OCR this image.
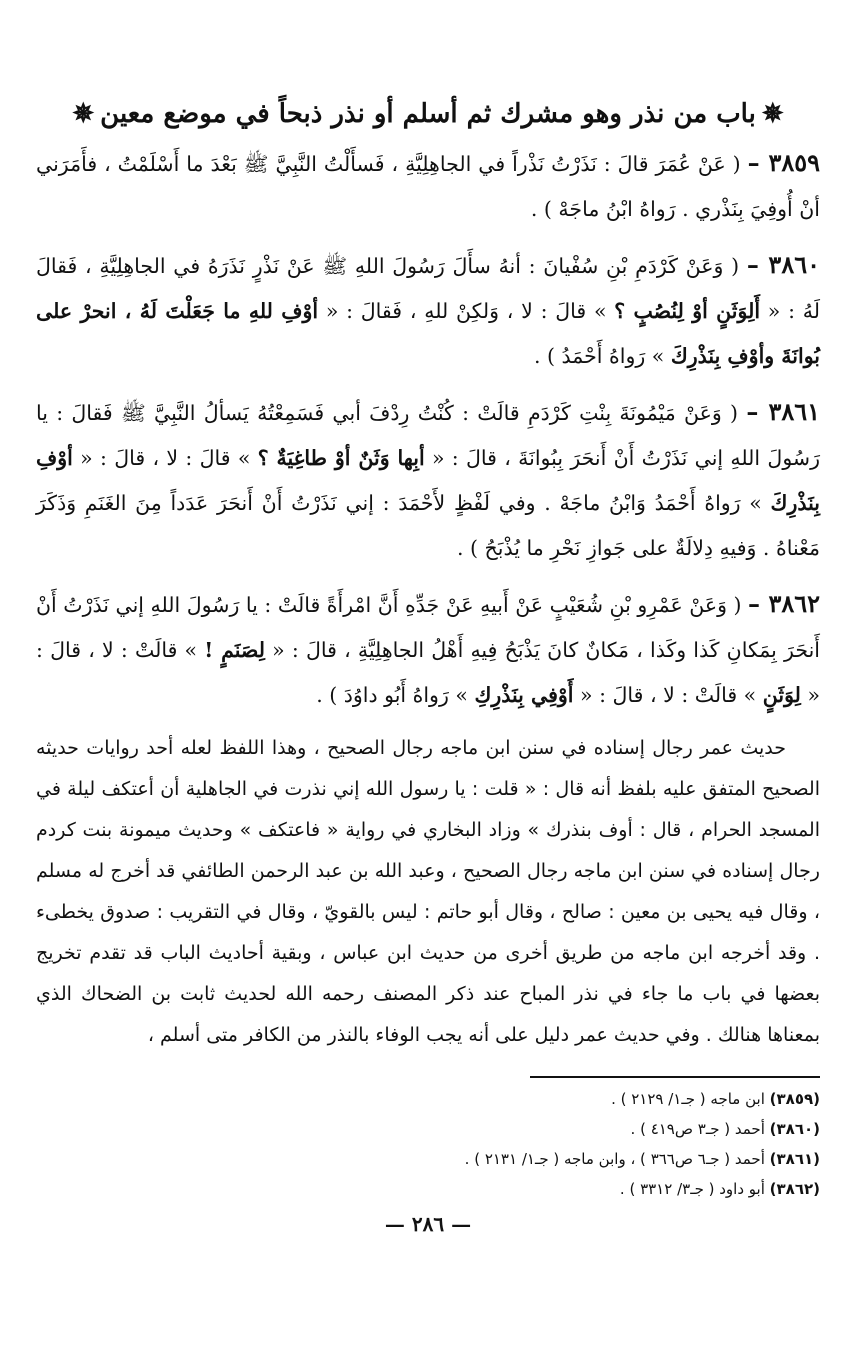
✵باب من نذر وهو مشرك ثم أسلم أو نذر ذبحاً في موضع معين✵

٣٨٥٩ – ( عَنْ عُمَرَ قالَ : نَذَرْتُ نَذْراً في الجاهِلِيَّةِ ، فَسأَلْتُ النَّبِيَّ ﷺ بَعْدَ ما أَسْلَمْتُ ، فأَمَرَني أنْ أُوفِيَ بِنَذْري . رَواهُ ابْنُ ماجَهْ ) .

٣٨٦٠ – ( وَعَنْ كَرْدَمِ بْنِ سُفْيانَ : أنهُ سأَلَ رَسُولَ اللهِ ﷺ عَنْ نَذْرٍ نَذَرَهُ في الجاهِلِيَّةِ ، فَقالَ لَهُ : « أَلِوَثَنٍ أوْ لِنُصُبٍ ؟ » قالَ : لا ، وَلكِنْ للهِ ، فَقالَ : « أوْفِ للهِ ما جَعَلْتَ لَهُ ، انحرْ على بُوانَةَ وأوْفِ بِنَذْرِكَ » رَواهُ أَحْمَدُ ) .

٣٨٦١ – ( وَعَنْ مَيْمُونَةَ بِنْتِ كَرْدَمِ قالَتْ : كُنْتُ رِدْفَ أبي فَسَمِعْتُهُ يَسألُ النَّبِيَّ ﷺ فَقالَ : يا رَسُولَ اللهِ إني نَذَرْتُ أَنْ أَنحَرَ بِبُوانَةَ ، قالَ : « أبِها وَثَنٌ أوْ طاغِيَةٌ ؟ » قالَ : لا ، قالَ : « أوْفِ بِنَذْرِكَ » رَواهُ أَحْمَدُ وَابْنُ ماجَهْ . وفي لَفْظٍ لأَحْمَدَ : إني نَذَرْتُ أَنْ أَنحَرَ عَدَداً مِنَ الغَنَمِ وَذَكَرَ مَعْناهُ . وَفيهِ دِلالَةٌ على جَوازِ نَحْرِ ما يُذْبَحُ ) .

٣٨٦٢ – ( وَعَنْ عَمْرِو بْنِ شُعَيْبٍ عَنْ أَبيهِ عَنْ جَدِّهِ أَنَّ امْرأَةً قالَتْ : يا رَسُولَ اللهِ إني نَذَرْتُ أَنْ أَنحَرَ بِمَكانِ كَذا وكَذا ، مَكانٌ كانَ يَذْبَحُ فِيهِ أَهْلُ الجاهِلِيَّةِ ، قالَ : « لِصَنَمٍ ! » قالَتْ : لا ، قالَ : « لِوَثَنٍ » قالَتْ : لا ، قالَ : « أَوْفِي بِنَذْرِكِ » رَواهُ أَبُو داوُدَ ) .

حديث عمر رجال إسناده في سنن ابن ماجه رجال الصحيح ، وهذا اللفظ لعله أحد روايات حديثه الصحيح المتفق عليه بلفظ أنه قال : « قلت : يا رسول الله إني نذرت في الجاهلية أن أعتكف ليلة في المسجد الحرام ، قال : أوف بنذرك » وزاد البخاري في رواية « فاعتكف » وحديث ميمونة بنت كردم رجال إسناده في سنن ابن ماجه رجال الصحيح ، وعبد الله بن عبد الرحمن الطائفي قد أخرج له مسلم ، وقال فيه يحيى بن معين : صالح ، وقال أبو حاتم : ليس بالقويّ ، وقال في التقريب : صدوق يخطىء . وقد أخرجه ابن ماجه من طريق أخرى من حديث ابن عباس ، وبقية أحاديث الباب قد تقدم تخريج بعضها في باب ما جاء في نذر المباح عند ذكر المصنف رحمه الله لحديث ثابت بن الضحاك الذي بمعناها هنالك . وفي حديث عمر دليل على أنه يجب الوفاء بالنذر من الكافر متى أسلم ،

(٣٨٥٩) ابن ماجه ( جـ١/ ٢١٢٩ ) .

(٣٨٦٠) أحمد ( جـ٣ ص٤١٩ ) .

(٣٨٦١) أحمد ( جـ٦ ص٣٦٦ ) ، وابن ماجه ( جـ١/ ٢١٣١ ) .

(٣٨٦٢) أبو داود ( جـ٣/ ٣٣١٢ ) .

— ٢٨٦ —
